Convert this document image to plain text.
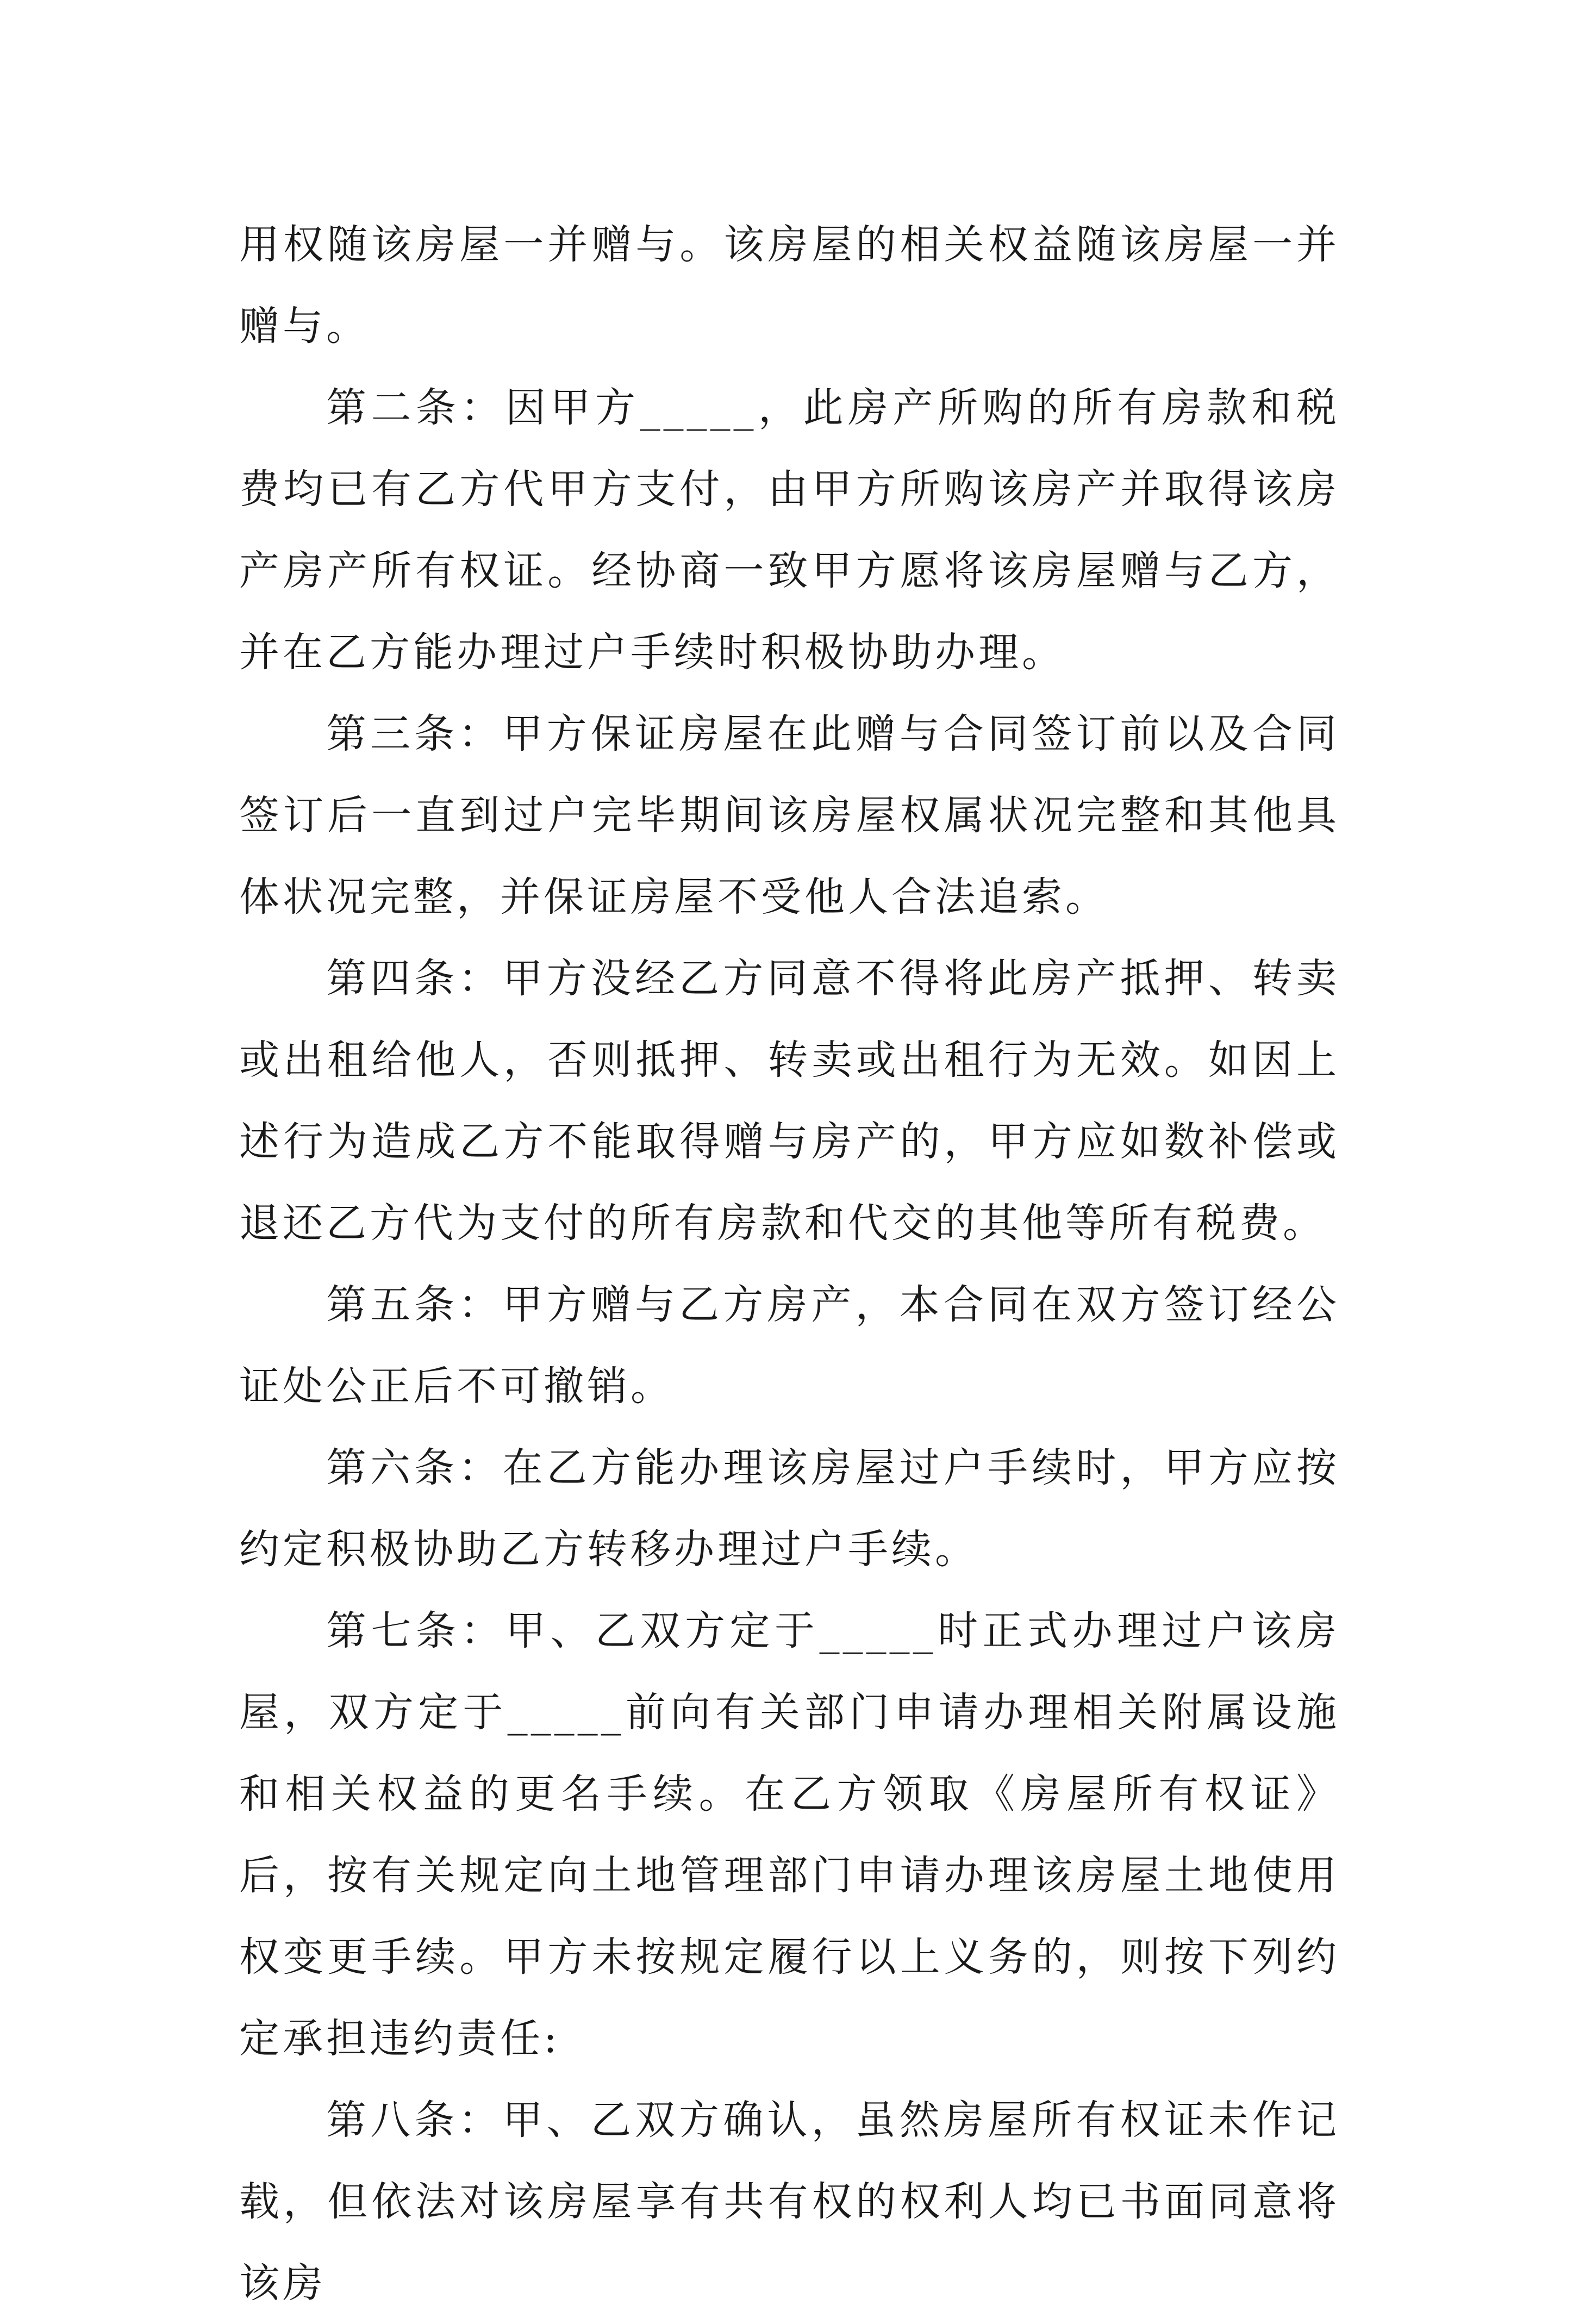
用权随该房屋一并赠与。该房屋的相关权益随该房屋一并赠与。

第二条：因甲方_____，此房产所购的所有房款和税费均已有乙方代甲方支付，由甲方所购该房产并取得该房产房产所有权证。经协商一致甲方愿将该房屋赠与乙方，并在乙方能办理过户手续时积极协助办理。

第三条：甲方保证房屋在此赠与合同签订前以及合同签订后一直到过户完毕期间该房屋权属状况完整和其他具体状况完整，并保证房屋不受他人合法追索。

第四条：甲方没经乙方同意不得将此房产抵押、转卖或出租给他人，否则抵押、转卖或出租行为无效。如因上述行为造成乙方不能取得赠与房产的，甲方应如数补偿或退还乙方代为支付的所有房款和代交的其他等所有税费。

第五条：甲方赠与乙方房产，本合同在双方签订经公证处公正后不可撤销。

第六条：在乙方能办理该房屋过户手续时，甲方应按约定积极协助乙方转移办理过户手续。

第七条：甲、乙双方定于_____时正式办理过户该房屋，双方定于_____前向有关部门申请办理相关附属设施和相关权益的更名手续。在乙方领取《房屋所有权证》后，按有关规定向土地管理部门申请办理该房屋土地使用权变更手续。甲方未按规定履行以上义务的，则按下列约定承担违约责任:

第八条：甲、乙双方确认，虽然房屋所有权证未作记载，但依法对该房屋享有共有权的权利人均已书面同意将该房
